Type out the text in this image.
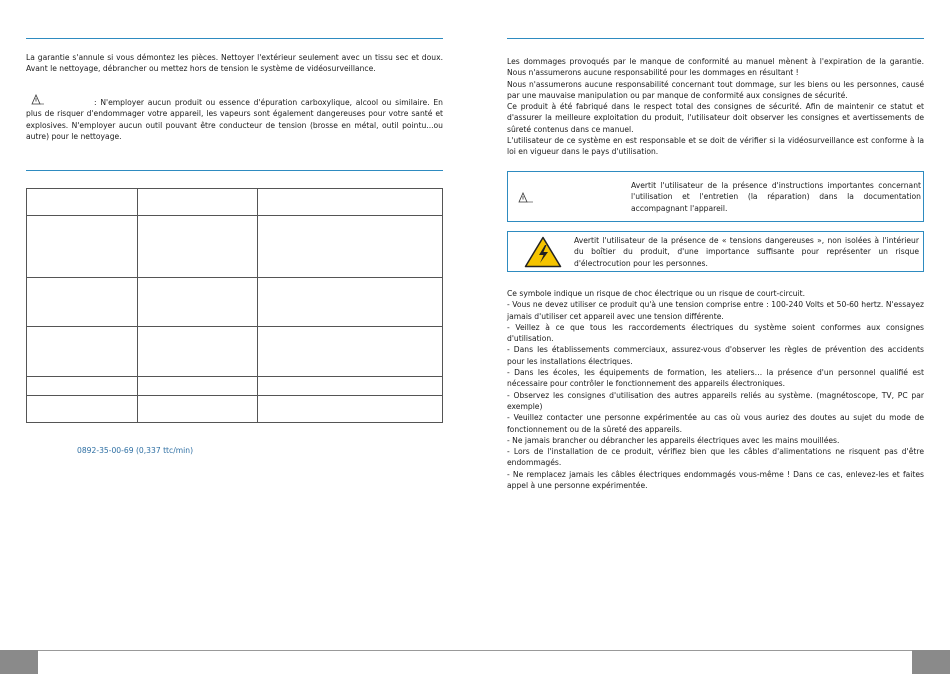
La garantie s'annule si vous démontez les pièces. Nettoyer l'extérieur seulement avec un tissu sec et doux. Avant le nettoyage, débrancher ou mettez hors de tension le système de vidéosurveillance.

: N'employer aucun produit ou essence d'épuration carboxylique, alcool ou similaire. En plus de risquer d'endommager votre appareil, les vapeurs sont également dangereuses pour votre santé et explosives. N'employer aucun outil pouvant être conducteur de tension (brosse en métal, outil pointu...ou autre) pour le nettoyage.

0892-35-00-69 (0,337 ttc/min)

Les dommages provoqués par le manque de conformité au manuel mènent à l'expiration de la garantie. Nous n'assumerons aucune responsabilité pour les dommages en résultant !

Nous n'assumerons aucune responsabilité concernant tout dommage, sur les biens ou les personnes, causé par une mauvaise manipulation ou par manque de conformité aux consignes de sécurité.

Ce produit à été fabriqué dans le respect total des consignes de sécurité. Afin de maintenir ce statut et d'assurer la meilleure exploitation du produit, l'utilisateur doit observer les consignes et avertissements de sûreté contenus dans ce manuel.

L'utilisateur de ce système en est responsable et se doit de vérifier si la vidéosurveillance est conforme à la loi en vigueur dans le pays d'utilisation.

Avertit l'utilisateur de la présence d'instructions importantes concernant l'utilisation et l'entretien (la réparation) dans la documentation accompagnant l'appareil.
Avertit l'utilisateur de la présence de « tensions dangereuses », non isolées à l'intérieur du boîtier du produit, d'une importance suffisante pour représenter un risque d'électrocution pour les personnes.

Ce symbole indique un risque de choc électrique ou un risque de court-circuit.

- Vous ne devez utiliser ce produit qu'à une tension comprise entre : 100-240 Volts et 50-60 hertz. N'essayez jamais d'utiliser cet appareil avec une tension différente.

- Veillez à ce que tous les raccordements électriques du système soient conformes aux consignes d'utilisation.

- Dans les établissements commerciaux, assurez-vous d'observer les règles de prévention des accidents pour les installations électriques.

- Dans les écoles, les équipements de formation, les ateliers… la présence d'un personnel qualifié est nécessaire pour contrôler le fonctionnement des appareils électroniques.

- Observez les consignes d'utilisation des autres appareils reliés au système. (magnétoscope, TV, PC par exemple)

- Veuillez contacter une personne expérimentée au cas où vous auriez des doutes au sujet du mode de fonctionnement ou de la sûreté des appareils.

- Ne jamais brancher ou débrancher les appareils électriques avec les mains mouillées.

- Lors de l'installation de ce produit, vérifiez bien que les câbles d'alimentations ne risquent pas d'être endommagés.

- Ne remplacez jamais les câbles électriques endommagés vous-même ! Dans ce cas, enlevez-les et faites appel à une personne expérimentée.
